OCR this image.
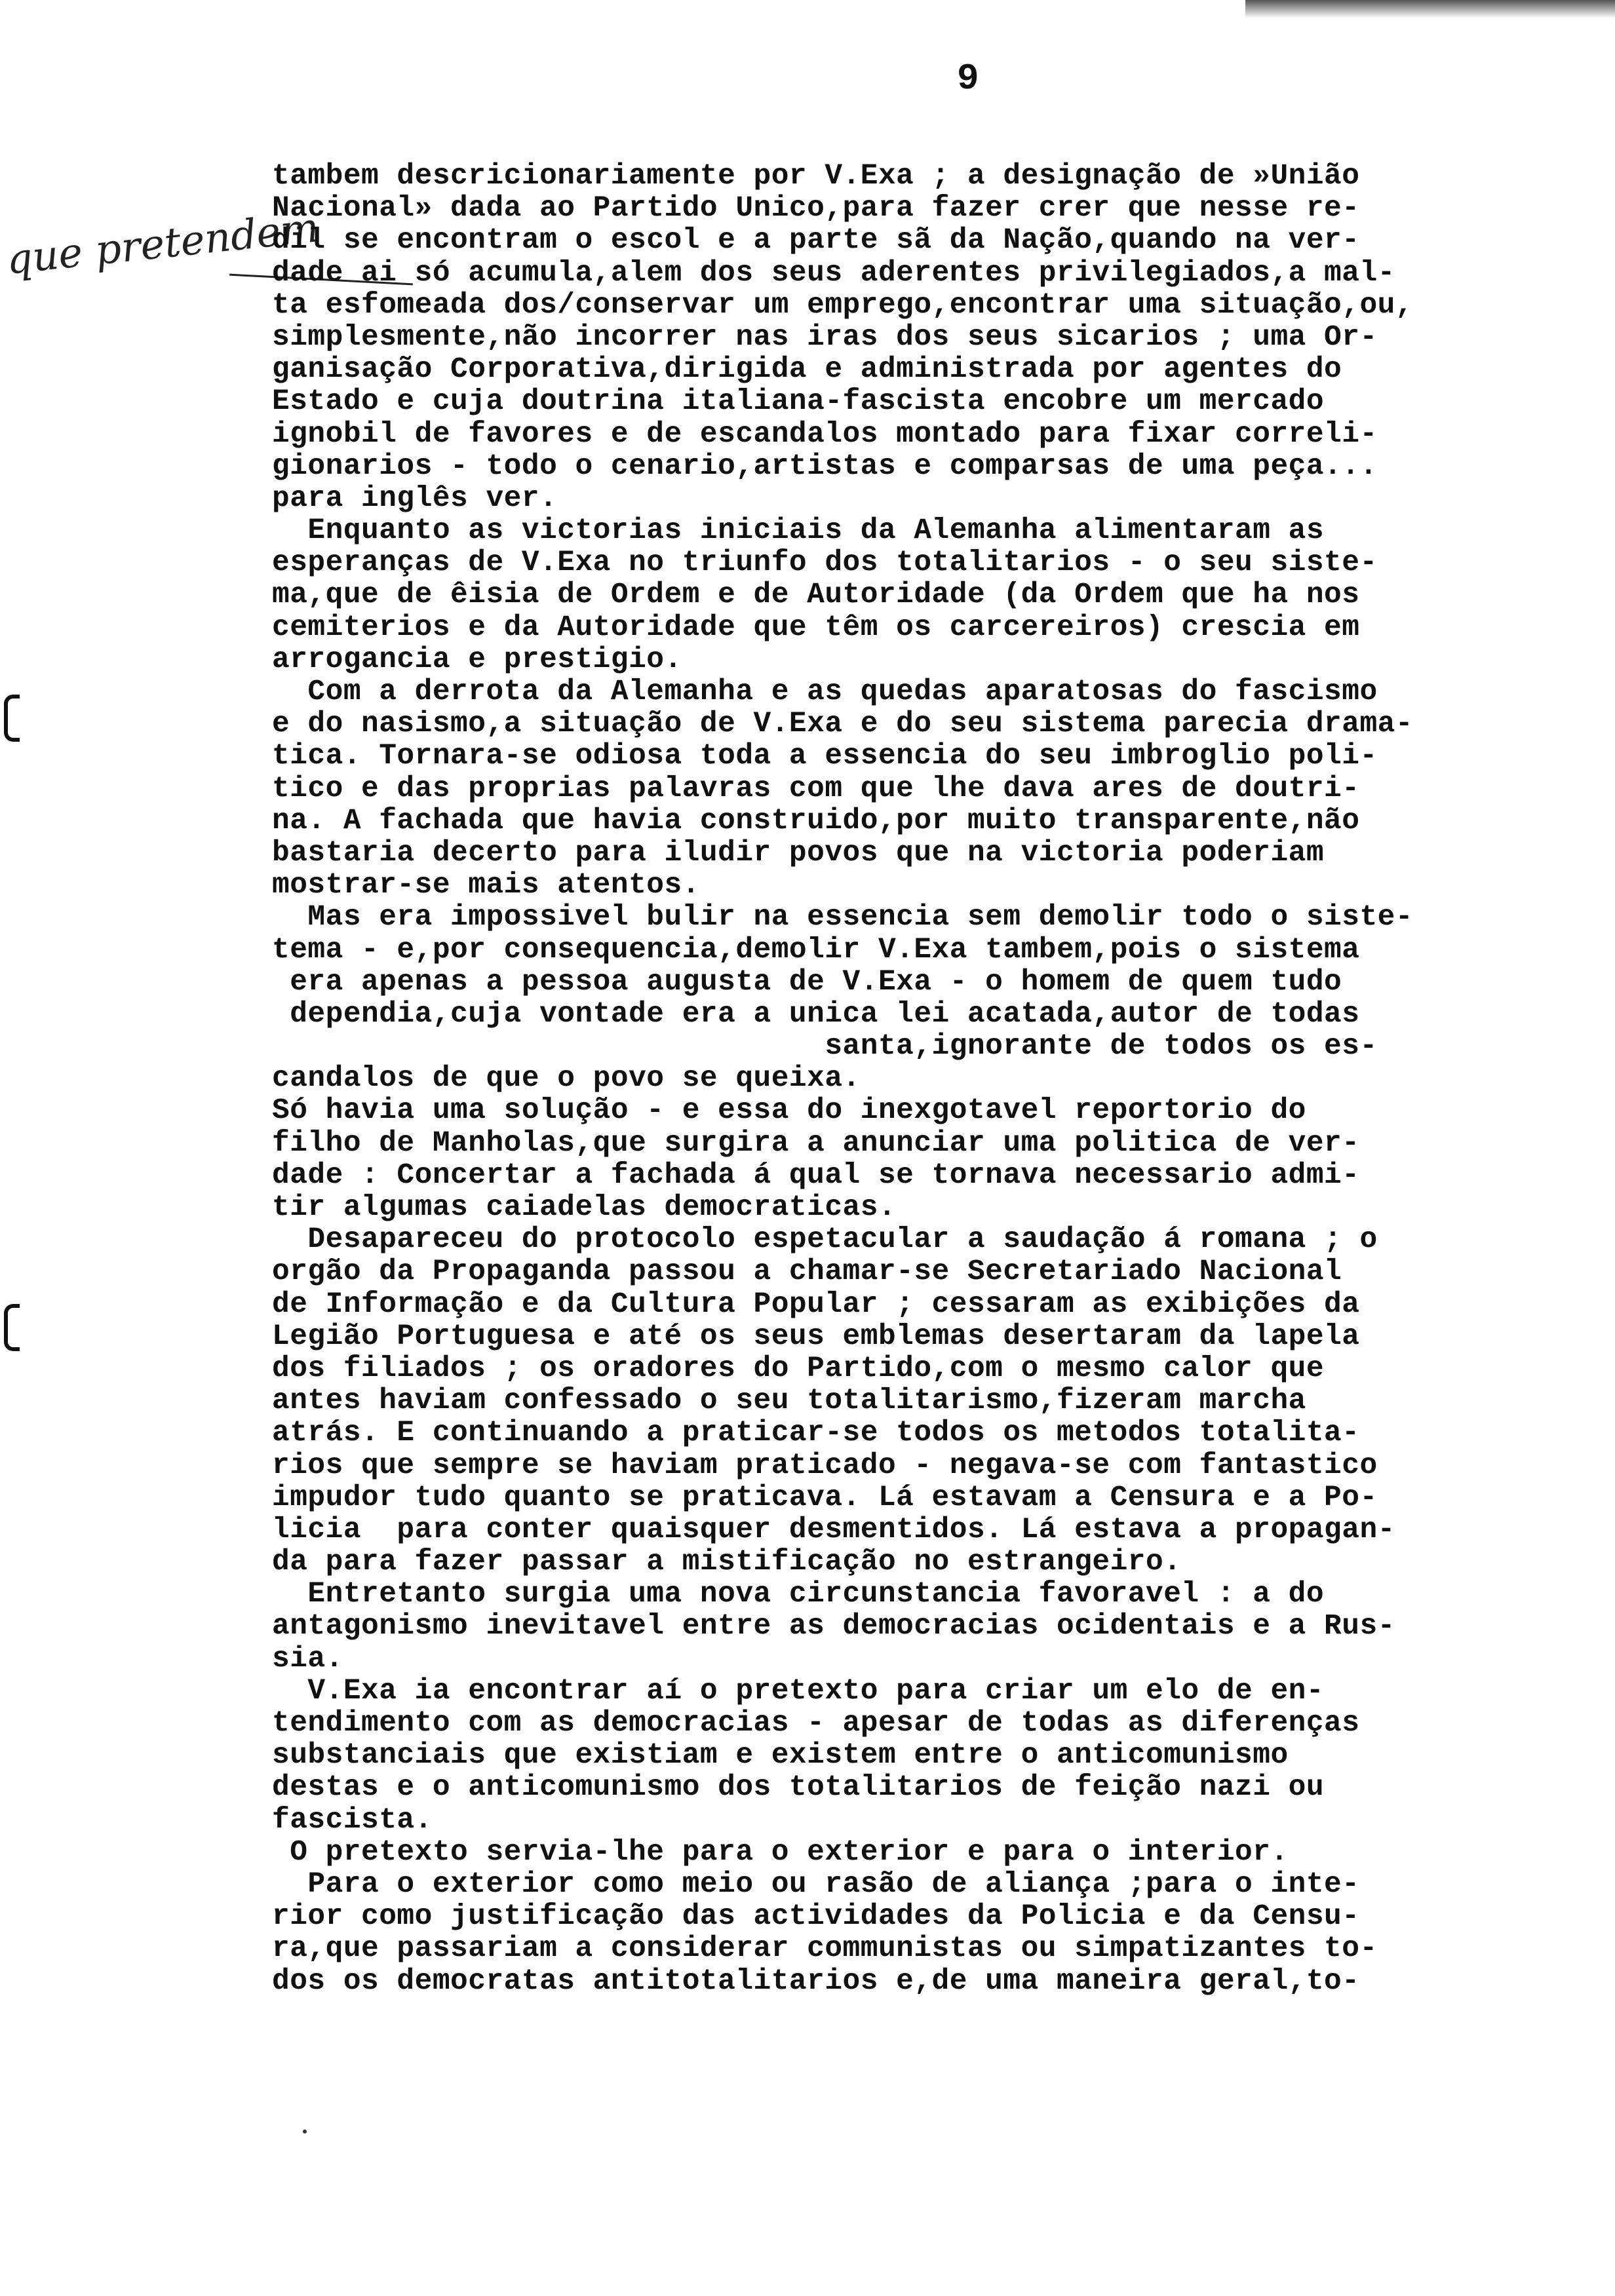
9
que pretendem
tambem descricionariamente por V.Exa ; a designação de »União
Nacional» dada ao Partido Unico,para fazer crer que nesse re-
dil se encontram o escol e a parte sã da Nação,quando na ver-
dade ai só acumula,alem dos seus aderentes privilegiados,a mal-
ta esfomeada dos/conservar um emprego,encontrar uma situação,ou,
simplesmente,não incorrer nas iras dos seus sicarios ; uma Or-
ganisação Corporativa,dirigida e administrada por agentes do
Estado e cuja doutrina italiana-fascista encobre um mercado
ignobil de favores e de escandalos montado para fixar correli-
gionarios - todo o cenario,artistas e comparsas de uma peça...
para inglês ver.
Enquanto as victorias iniciais da Alemanha alimentaram as
esperanças de V.Exa no triunfo dos totalitarios - o seu siste-
ma,que de êisia de Ordem e de Autoridade (da Ordem que ha nos
cemiterios e da Autoridade que têm os carcereiros) crescia em
arrogancia e prestigio.
Com a derrota da Alemanha e as quedas aparatosas do fascismo
e do nasismo,a situação de V.Exa e do seu sistema parecia drama-
tica. Tornara-se odiosa toda a essencia do seu imbroglio poli-
tico e das proprias palavras com que lhe dava ares de doutri-
na. A fachada que havia construido,por muito transparente,não
bastaria decerto para iludir povos que na victoria poderiam
mostrar-se mais atentos.
Mas era impossivel bulir na essencia sem demolir todo o siste-
tema - e,por consequencia,demolir V.Exa tambem,pois o sistema
era apenas a pessoa augusta de V.Exa - o homem de quem tudo
dependia,cuja vontade era a unica lei acatada,autor de todas
santa,ignorante de todos os es-
candalos de que o povo se queixa.
Só havia uma solução - e essa do inexgotavel reportorio do
filho de Manholas,que surgira a anunciar uma politica de ver-
dade : Concertar a fachada á qual se tornava necessario admi-
tir algumas caiadelas democraticas.
Desapareceu do protocolo espetacular a saudação á romana ; o
orgão da Propaganda passou a chamar-se Secretariado Nacional
de Informação e da Cultura Popular ; cessaram as exibições da
Legião Portuguesa e até os seus emblemas desertaram da lapela
dos filiados ; os oradores do Partido,com o mesmo calor que
antes haviam confessado o seu totalitarismo,fizeram marcha
atrás. E continuando a praticar-se todos os metodos totalita-
rios que sempre se haviam praticado - negava-se com fantastico
impudor tudo quanto se praticava. Lá estavam a Censura e a Po-
licia  para conter quaisquer desmentidos. Lá estava a propagan-
da para fazer passar a mistificação no estrangeiro.
Entretanto surgia uma nova circunstancia favoravel : a do
antagonismo inevitavel entre as democracias ocidentais e a Rus-
sia.
V.Exa ia encontrar aí o pretexto para criar um elo de en-
tendimento com as democracias - apesar de todas as diferenças
substanciais que existiam e existem entre o anticomunismo
destas e o anticomunismo dos totalitarios de feição nazi ou
fascista.
O pretexto servia-lhe para o exterior e para o interior.
Para o exterior como meio ou rasão de aliança ;para o inte-
rior como justificação das actividades da Policia e da Censu-
ra,que passariam a considerar communistas ou simpatizantes to-
dos os democratas antitotalitarios e,de uma maneira geral,to-
